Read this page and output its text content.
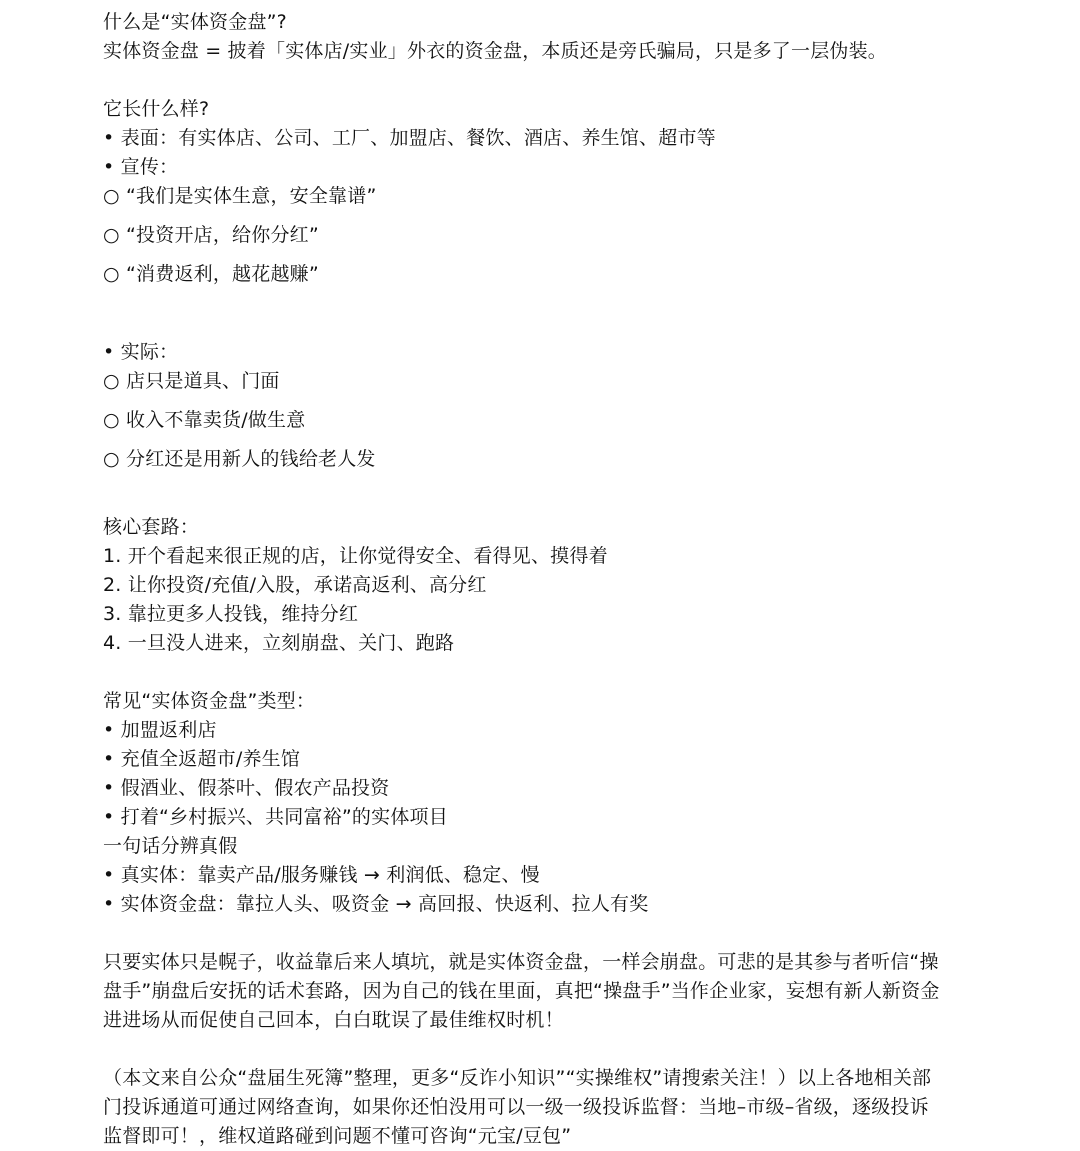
什么是“实体资金盘”?
实体资金盘 = 披着「实体店/实业」外衣的资金盘，本质还是旁氏骗局，只是多了一层伪装。
它长什么样?
• 表面：有实体店、公司、工厂、加盟店、餐饮、酒店、养生馆、超市等
• 宣传：
○ “我们是实体生意，安全靠谱”
○ “投资开店，给你分红”
○ “消费返利，越花越赚”
• 实际：
○ 店只是道具、门面
○ 收入不靠卖货/做生意
○ 分红还是用新人的钱给老人发
核心套路：
1. 开个看起来很正规的店，让你觉得安全、看得见、摸得着
2. 让你投资/充值/入股，承诺高返利、高分红
3. 靠拉更多人投钱，维持分红
4. 一旦没人进来，立刻崩盘、关门、跑路
常见“实体资金盘”类型：
• 加盟返利店
• 充值全返超市/养生馆
• 假酒业、假茶叶、假农产品投资
• 打着“乡村振兴、共同富裕”的实体项目
一句话分辨真假
• 真实体：靠卖产品/服务赚钱 → 利润低、稳定、慢
• 实体资金盘：靠拉人头、吸资金 → 高回报、快返利、拉人有奖
只要实体只是幌子，收益靠后来人填坑，就是实体资金盘，一样会崩盘。可悲的是其参与者听信“操
盘手”崩盘后安抚的话术套路，因为自己的钱在里面，真把“操盘手”当作企业家，妄想有新人新资金
进进场从而促使自己回本，白白耽误了最佳维权时机！
（本文来自公众“盘届生死簿”整理，更多“反诈小知识”“实操维权”请搜索关注！）以上各地相关部
门投诉通道可通过网络查询，如果你还怕没用可以一级一级投诉监督：当地–市级–省级，逐级投诉
监督即可！，维权道路碰到问题不懂可咨询“元宝/豆包”
